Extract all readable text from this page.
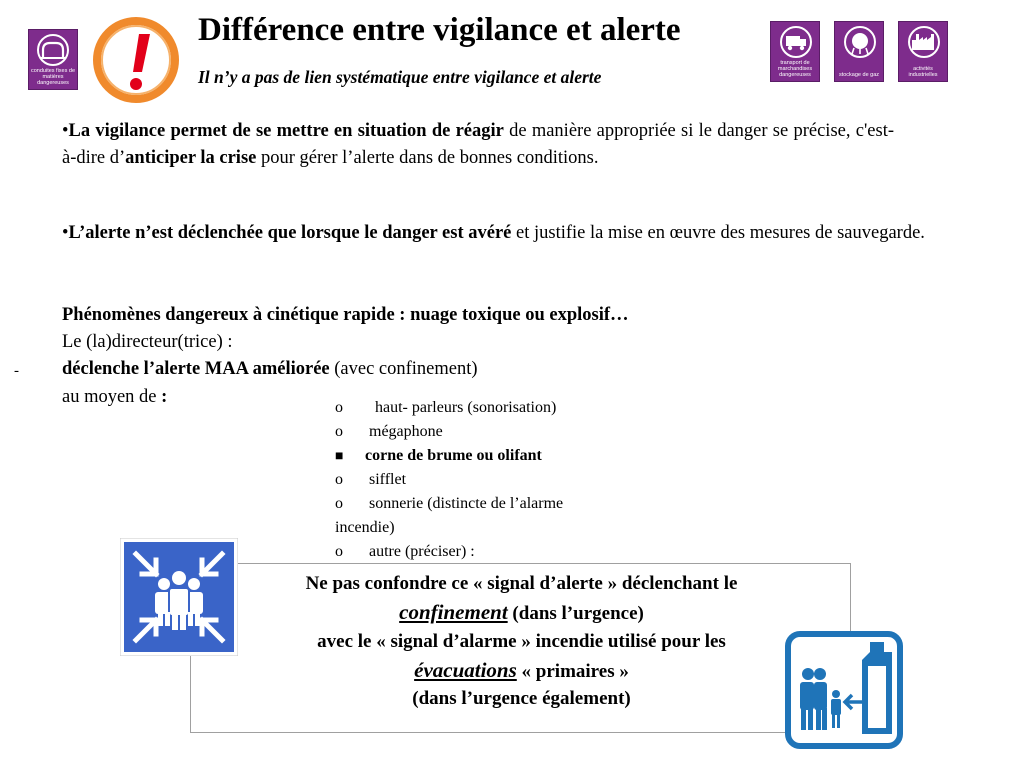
conduites fixes de matières dangereuses
Différence entre vigilance et alerte
Il n’y a pas de lien systématique entre vigilance et alerte
transport de marchandises dangereuses	stockage de gaz
activités industrielles
•La vigilance permet de se mettre en situation de réagir de manière appropriée si le danger se précise, c'est-à-dire d’anticiper la crise pour gérer l’alerte dans de bonnes conditions.
•L’alerte n’est déclenchée que lorsque le danger est avéré et justifie la mise en œuvre des mesures de sauvegarde.
Phénomènes dangereux à cinétique rapide : nuage toxique ou explosif…
Le (la)directeur(trice) :
- déclenche l’alerte MAA améliorée (avec confinement)
au moyen de :
o haut- parleurs (sonorisation)
o mégaphone
■ corne de brume ou olifant
o sifflet
o sonnerie (distincte de l’alarme
incendie)
o autre (préciser) :
Ne pas confondre ce « signal d’alerte » déclenchant le
confinement (dans l’urgence)
avec le « signal d’alarme » incendie utilisé pour les
évacuations « primaires »
(dans l’urgence également)
